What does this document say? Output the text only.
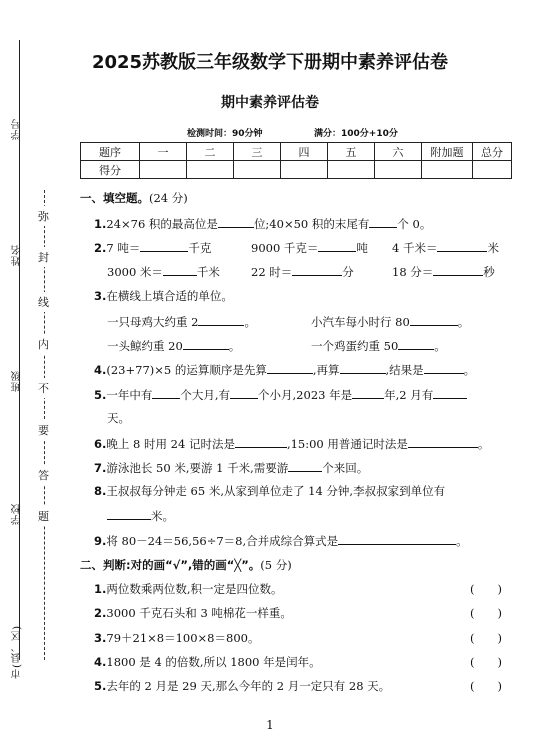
学号
姓名
班级
学校
市(县、区)
弥
封
线
内
不
要
答
题
2025苏教版三年级数学下册期中素养评估卷
期中素养评估卷
检测时间：90分钟	满分：100分+10分
题序	一	二	三	四	五	六	附加题	总分
得分								
一、填空题。(24 分)
1.24×76 积的最高位是	位;40×50 积的末尾有 个 0。
2.7 吨＝	千克	9000 千克＝	吨 4 千米＝	米
3000 米＝	千米	22 时＝	分	18 分＝	秒
3.在横线上填合适的单位。
一只母鸡大约重 2	。	小汽车每小时行 80	。
一头鲸约重 20	。	一个鸡蛋约重 50	。
4.(23+77)×5 的运算顺序是先算	,再算	,结果是	。
5.一年中有 个大月,有 个小月,2023 年是	年,2 月有
天。
6.晚上 8 时用 24 记时法是	,15:00 用普通记时法是	。
7.游泳池长 50 米,要游 1 千米,需要游	个来回。
8.王叔叔每分钟走 65 米,从家到单位走了 14 分钟,李叔叔家到单位有
米。
9.将 80－24＝56,56÷7＝8,合并成综合算式是	。
二、判断:对的画“√”,错的画“╳”。(5 分)
1.两位数乘两位数,积一定是四位数。	(　　)
2.3000 千克石头和 3 吨棉花一样重。	(　　)
3.79＋21×8＝100×8＝800。	(　　)
4.1800 是 4 的倍数,所以 1800 年是闰年。	(　　)
5.去年的 2 月是 29 天,那么今年的 2 月一定只有 28 天。	(　　)
1
